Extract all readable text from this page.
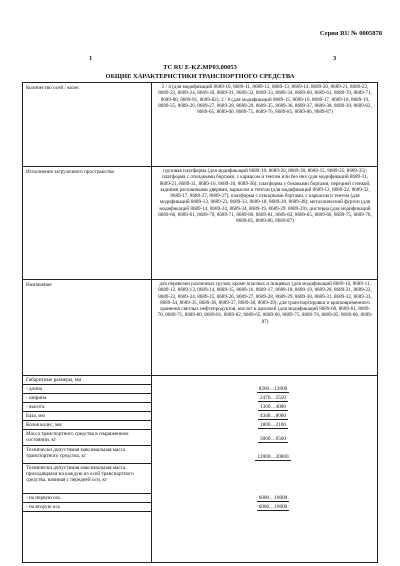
Серия RU № 0005878
1	3
TC RU E-KZ.MP03.00053
ОБЩИЕ ХАРАКТЕРИСТИКИ ТРАНСПОРТНОГО СРЕДСТВА
Количество осей / колес	2 / 4 (для модификаций 8689-10, 8689-11, 8689-12, 8689-13, 8689-14, 8689-20, 8689-21, 8689-22, 8689-23, 8689-24, 8689-30, 8689-31, 8689-32, 8689-33, 8689-34, 8689-60, 8689-61, 8689-70, 8689-71, 8689-80, 8689-81, 8689-82); 2 / 8 (для модификаций 8689-15, 8689-16, 8689-17, 8689-18, 8689-19, 8689-25, 8689-26, 8689-27, 8689-28, 8689-29, 8689-35, 8689-36, 8689-37, 8689-38, 8689-39, 8689-62, 8689-65, 8689-66, 8689-75, 8689-76, 8689-85, 8689-86, 8689-87)
Исполнение загрузочного пространства	грузовая платформа (для модификаций 8689-10, 8689-20, 8689-30, 8689-15, 8689-25, 8689-35); платформа с откидными бортами, с каркасом и тентом или без них (для модификаций 8689-11, 8689-21, 8689-31, 8689-16, 8689-26, 8689-36); платформа с боковыми бортами, передней стенкой, задними распашными дверями, каркасом и тентом (для модификаций 8689-12, 8689-22, 8689-32, 8689-17, 8689-27, 8689-37); платформа с откидными бортами, с каркасом и тентом (для модификаций 8689-13, 8689-23, 8689-33, 8689-18, 8689-28, 8689-38); металлический фургон (для модификаций 8689-14, 8689-24, 8689-34, 8689-19, 8689-29, 8689-39); цистерна (для модификаций 8689-60, 8689-61, 8689-70, 8689-71, 8689-80, 8689-81, 8689-82, 8689-65, 8689-66, 8689-75, 8689-76, 8689-85, 8689-86, 8689-87)
Назначение	для перевозки различных грузов, кроме опасных и пищевых (для модификаций 8689-10, 8689-11, 8689-12, 8689-13, 8689-14, 8689-15, 8689-16, 8689-17, 8689-18, 8689-19, 8689-20, 8689-21, 8689-22, 8689-23, 8689-24, 8689-25, 8689-26, 8689-27, 8689-28, 8689-29, 8689-30, 8689-31, 8689-32, 8689-33, 8689-34, 8689-35, 8689-36, 8689-37, 8689-38, 8689-39); для транспортировки и кратковременного хранения светлых нефтепродуктов, кислот и щелочей (для модификаций 8689-60, 8689-61, 8689-70, 8689-71, 8689-80, 8689-81, 8689-82, 8689-65, 8689-66, 8689-75, 8689-76, 8689-85, 8689-86, 8689-87)
Габаритные размеры, мм
- длина	8260…12000
- ширина	2470…2550
- высота	1300…4000
База, мм	4340…8000
Колея колес, мм	1800…2100
Масса транспортного средства в снаряженном состоянии, кг	3000…6500
Технически допустимая максимальная масса транспортного средства, кг	12000…20000
Технически допустимая максимальная масса, приходящаяся на каждую из осей транспортного средства, начиная с передней оси, кг
- на первую ось	6000…10000
- на вторую ось	6000…10000
